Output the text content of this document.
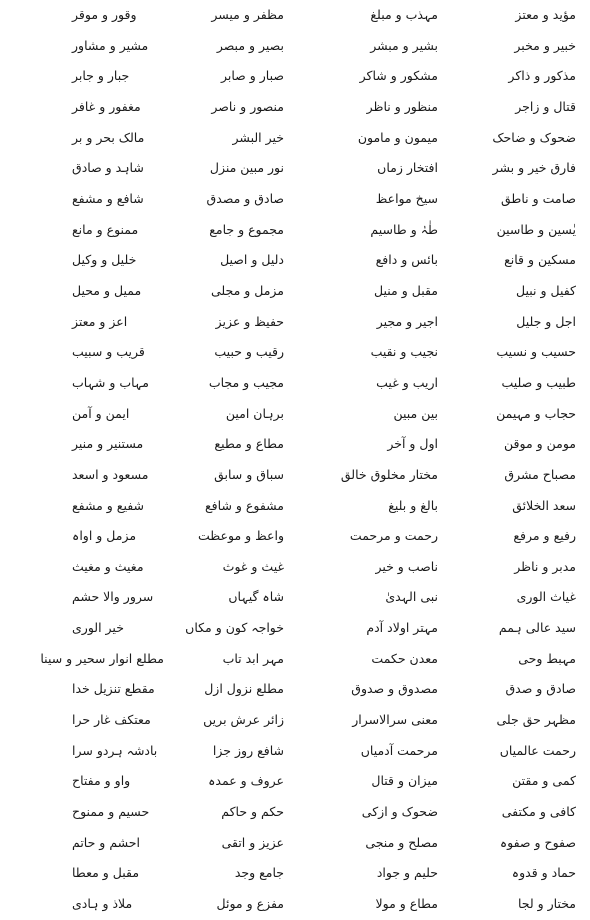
وقور و موقر	مظفر و میسر	مہذب و مبلغ	مؤید و معتز
مشیر و مشاور	بصیر و مبصر	بشیر و مبشر	خبیر و مخبر
جبار و جابر	صبار و صابر	مشکور و شاکر	مذکور و ذاکر
مغفور و غافر	منصور و ناصر	منظور و ناظر	قتال و زاجر
مالک بحر و بر	خیر البشر	میمون و مامون	ضحوک و ضاحک
شاہد و صادق	نور مبین منزل	افتخار زماں	فارق خیر و بشر
شافع و مشفع	صادق و مصدق	سیخ مواعظ	صامت و ناطق
ممنوع و مانع	مجموع و جامع	طٰہٰ و طاسیم	یٰسین و طاسین
خلیل و وکیل	دلیل و اصیل	بائس و دافع	مسکین و قانع
ممیل و محیل	مزمل و مجلی	مقبل و منیل	کفیل و نبیل
اعز و معتز	حفیظ و عزیز	اجیر و مجیر	اجل و جلیل
قریب و سبیب	رقیب و حبیب	نجیب و نقیب	حسیب و نسیب
مہاب و شہاب	مجیب و مجاب	اریب و غیب	طبیب و صلیب
ایمن و آمن	برہان امین	بین مبین	حجاب و مہیمن
مستنیر و منیر	مطاع و مطیع	اول و آخر	مومن و موقن
مسعود و اسعد	سباق و سابق	مختار مخلوق خالق	مصباح مشرق
شفیع و مشفع	مشفوع و شافع	بالغ و بلیغ	سعد الخلائق
مزمل و اواہ	واعظ و موعظت	رحمت و مرحمت	رفیع و مرفع
مغیث و مغیث	غیث و غوث	ناصب و خیر	مدبر و ناظر
سرور والا حشم	شاہ گیہاں	نبی الہدیٰ	غیاث الوری
خیر الوری	خواجہ کون و مکاں	مہتر اولاد آدم	سید عالی ہمم
مطلع انوار سحیر و سینا	مہر ابد تاب	معدن حکمت	مہبط وحی
مقطع تنزیل خدا	مطلع نزول ازل	مصدوق و صدوق	صادق و صدق
معتکف غار حرا	زائر عرش بریں	معنی سرالاسرار	مظہر حق جلی
بادشہ ہردو سرا	شافع روز جزا	مرحمت آدمیاں	رحمت عالمیاں
واو و مفتاح	عروف و عمدہ	میزان و قتال	کمی و مقتن
حسیم و ممنوح	حکم و حاکم	ضحوک و ازکی	کافی و مکتفی
احشم و حاتم	عزیز و اتقی	مصلح و منجی	صفوح و صفوہ
مقبل و معطا	جامع وجد	حلیم و جواد	حماد و قدوہ
ملاذ و ہادی	مفزع و موئل	مطاع و مولا	مختار و لجا
